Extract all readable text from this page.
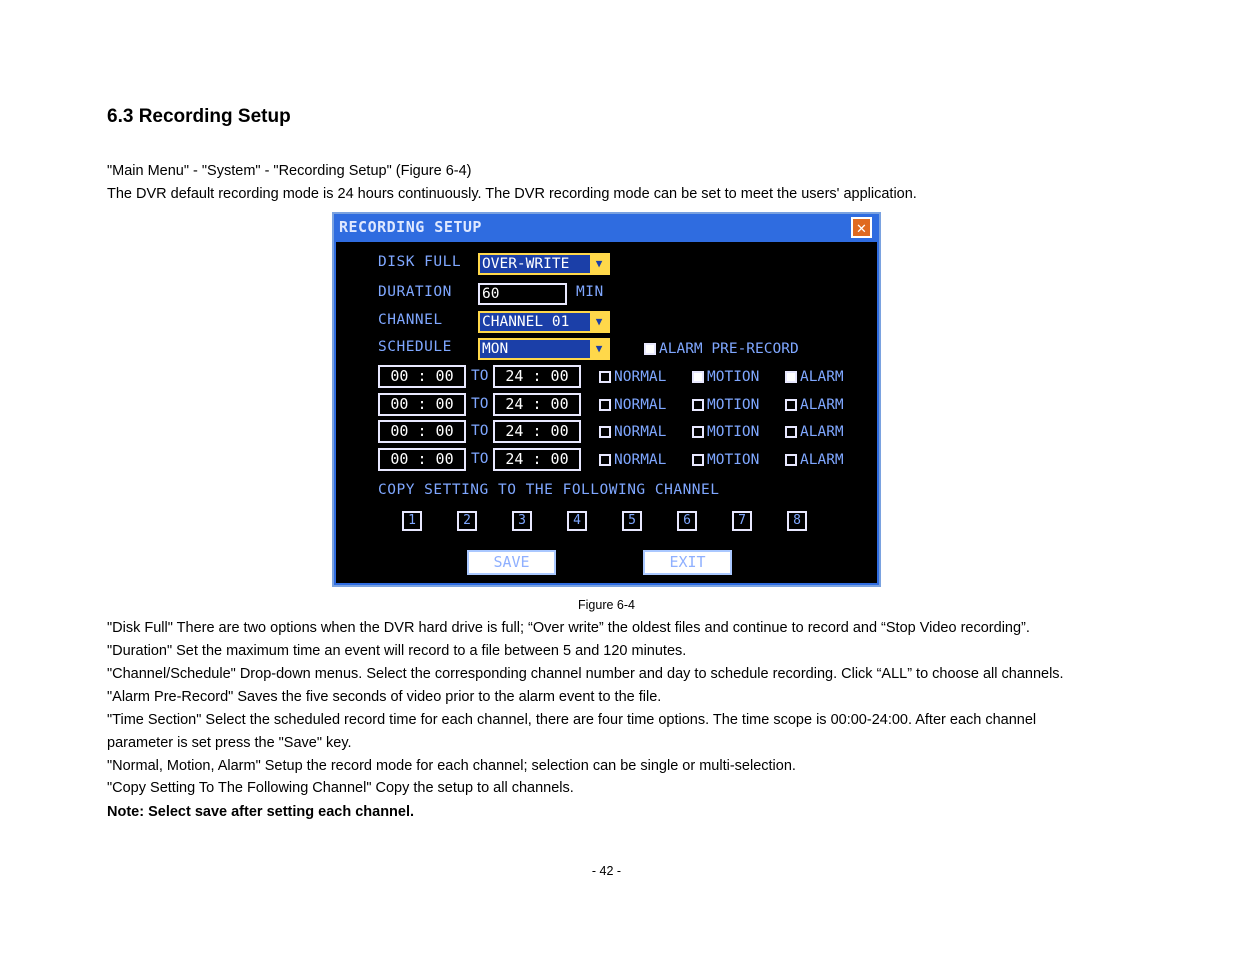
6.3 Recording Setup
"Main Menu" - "System" - "Recording Setup" (Figure 6-4)
The DVR default recording mode is 24 hours continuously. The DVR recording mode can be set to meet the users' application.
RECORDING SETUP	✕
DISK FULL OVER-WRITE	▼
DURATION 60	MIN
CHANNEL	CHANNEL 01	▼
SCHEDULE MON	▼	ALARM PRE-RECORD
00 : 00	TO	24 : 00	NORMAL	MOTION	ALARM
00 : 00	TO	24 : 00	NORMAL	MOTION	ALARM
00 : 00	TO	24 : 00	NORMAL	MOTION	ALARM
00 : 00	TO	24 : 00	NORMAL	MOTION	ALARM
COPY SETTING TO THE FOLLOWING CHANNEL
1	2	3	4	5	6	7	8
SAVE	EXIT
Figure 6-4
"Disk Full" There are two options when the DVR hard drive is full; “Over write” the oldest files and continue to record and “Stop Video recording”.
"Duration" Set the maximum time an event will record to a file between 5 and 120 minutes.
"Channel/Schedule" Drop-down menus. Select the corresponding channel number and day to schedule recording. Click “ALL” to choose all channels.
"Alarm Pre-Record" Saves the five seconds of video prior to the alarm event to the file.
"Time Section" Select the scheduled record time for each channel, there are four time options. The time scope is 00:00-24:00. After each channel
parameter is set press the "Save" key.
"Normal, Motion, Alarm" Setup the record mode for each channel; selection can be single or multi-selection.
"Copy Setting To The Following Channel" Copy the setup to all channels.
Note: Select save after setting each channel.
- 42 -
